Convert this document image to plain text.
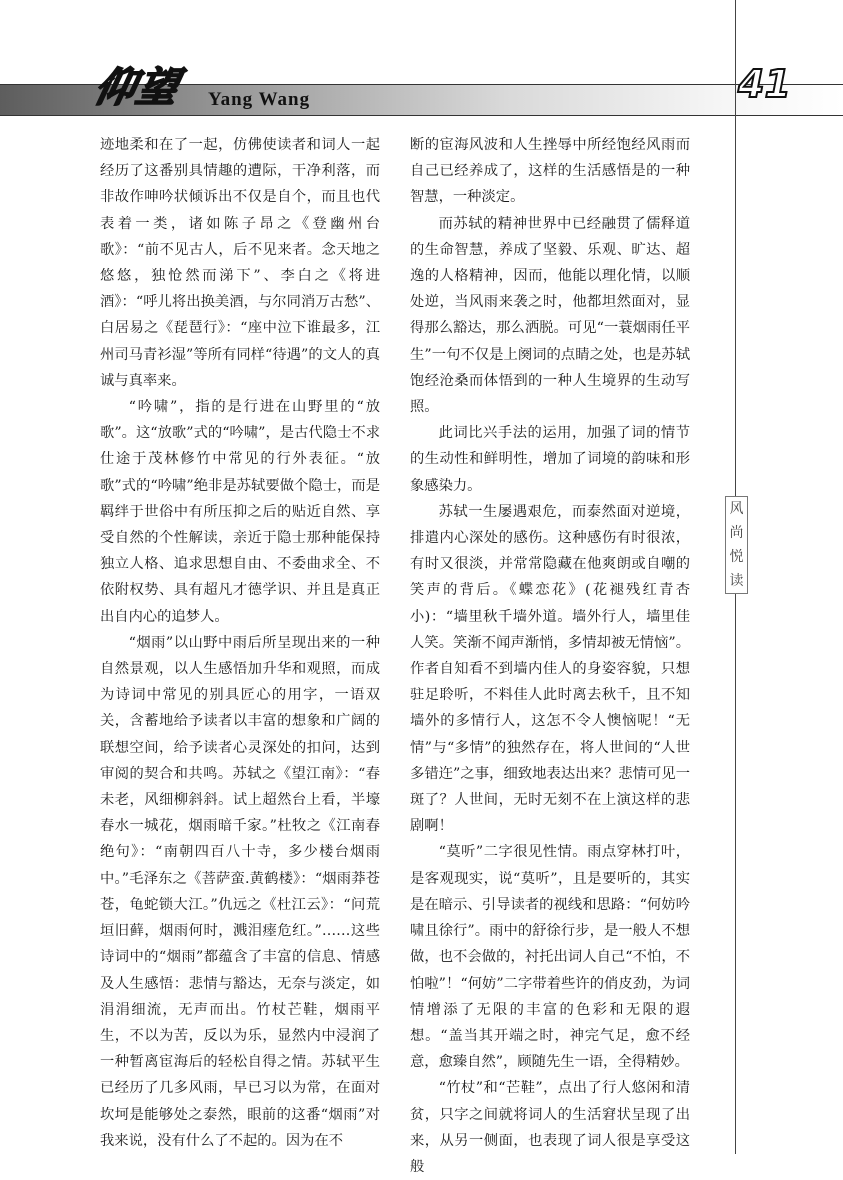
仰望 Yang Wang	41
风
尚
悦
读

迹地柔和在了一起，仿佛使读者和词人一起经历了这番别具情趣的遭际，干净利落，而非故作呻吟状倾诉出不仅是自个，而且也代表着一类，诸如陈子昂之《登幽州台歌》：“前不见古人，后不见来者。念天地之悠悠，独怆然而涕下”、李白之《将进酒》：“呼儿将出换美酒，与尔同消万古愁”、白居易之《琵琶行》：“座中泣下谁最多，江州司马青衫湿”等所有同样“待遇”的文人的真诚与真率来。

“吟啸”，指的是行进在山野里的“放歌”。这“放歌”式的“吟啸”，是古代隐士不求仕途于茂林修竹中常见的行外表征。“放歌”式的“吟啸”绝非是苏轼要做个隐士，而是羁绊于世俗中有所压抑之后的贴近自然、享受自然的个性解读，亲近于隐士那种能保持独立人格、追求思想自由、不委曲求全、不依附权势、具有超凡才德学识、并且是真正出自内心的追梦人。

“烟雨”以山野中雨后所呈现出来的一种自然景观，以人生感悟加升华和观照，而成为诗词中常见的别具匠心的用字，一语双关，含蓄地给予读者以丰富的想象和广阔的联想空间，给予读者心灵深处的扣问，达到审阅的契合和共鸣。苏轼之《望江南》：“春未老，风细柳斜斜。试上超然台上看，半壕春水一城花，烟雨暗千家。”杜牧之《江南春绝句》：“南朝四百八十寺，多少楼台烟雨中。”毛泽东之《菩萨蛮.黄鹤楼》：“烟雨莽苍苍，龟蛇锁大江。”仇远之《杜江云》：“问荒垣旧藓，烟雨何时，溅泪瘗危红。”……这些诗词中的“烟雨”都蕴含了丰富的信息、情感及人生感悟：悲情与豁达，无奈与淡定，如涓涓细流，无声而出。竹杖芒鞋，烟雨平生，不以为苦，反以为乐，显然内中浸润了一种暂离宦海后的轻松自得之情。苏轼平生已经历了几多风雨，早已习以为常，在面对坎坷是能够处之泰然，眼前的这番“烟雨”对我来说，没有什么了不起的。因为在不

断的宦海风波和人生挫辱中所经饱经风雨而自己已经养成了，这样的生活感悟是的一种智慧，一种淡定。

而苏轼的精神世界中已经融贯了儒释道的生命智慧，养成了坚毅、乐观、旷达、超逸的人格精神，因而，他能以理化情，以顺处逆，当风雨来袭之时，他都坦然面对，显得那么豁达，那么洒脱。可见“一蓑烟雨任平生”一句不仅是上阕词的点睛之处，也是苏轼饱经沧桑而体悟到的一种人生境界的生动写照。

此词比兴手法的运用，加强了词的情节的生动性和鲜明性，增加了词境的韵味和形象感染力。

苏轼一生屡遇艰危，而泰然面对逆境，排遣内心深处的感伤。这种感伤有时很浓，有时又很淡，并常常隐藏在他爽朗或自嘲的笑声的背后。《蝶恋花》(花褪残红青杏小)：“墙里秋千墙外道。墙外行人，墙里佳人笑。笑渐不闻声渐悄，多情却被无情恼”。作者自知看不到墙内佳人的身姿容貌，只想驻足聆听，不料佳人此时离去秋千，且不知墙外的多情行人，这怎不令人懊恼呢！“无情”与“多情”的独然存在，将人世间的“人世多错迕”之事，细致地表达出来？悲情可见一斑了？人世间，无时无刻不在上演这样的悲剧啊！

“莫听”二字很见性情。雨点穿林打叶，是客观现实，说“莫听”，且是要听的，其实是在暗示、引导读者的视线和思路：“何妨吟啸且徐行”。雨中的舒徐行步，是一般人不想做，也不会做的，衬托出词人自己“不怕，不怕啦”！“何妨”二字带着些许的俏皮劲，为词情增添了无限的丰富的色彩和无限的遐想。“盖当其开端之时，神完气足，愈不经意，愈臻自然”，顾随先生一语，全得精妙。

“竹杖”和“芒鞋”，点出了行人悠闲和清贫，只字之间就将词人的生活窘状呈现了出来，从另一侧面，也表现了词人很是享受这般
